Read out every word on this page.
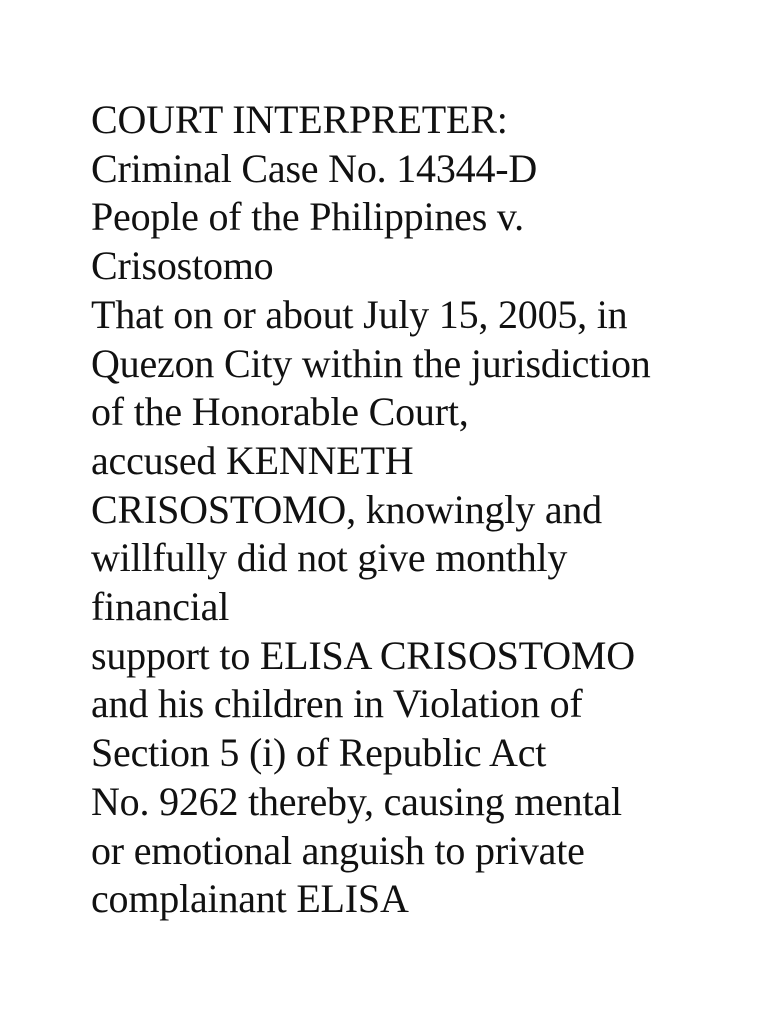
COURT INTERPRETER:
Criminal Case No. 14344-D
People of the Philippines v.
Crisostomo
That on or about July 15, 2005, in
Quezon City within the jurisdiction
of the Honorable Court,
accused KENNETH
CRISOSTOMO, knowingly and
willfully did not give monthly
financial
support to ELISA CRISOSTOMO
and his children in Violation of
Section 5 (i) of Republic Act
No. 9262 thereby, causing mental
or emotional anguish to private
complainant ELISA
